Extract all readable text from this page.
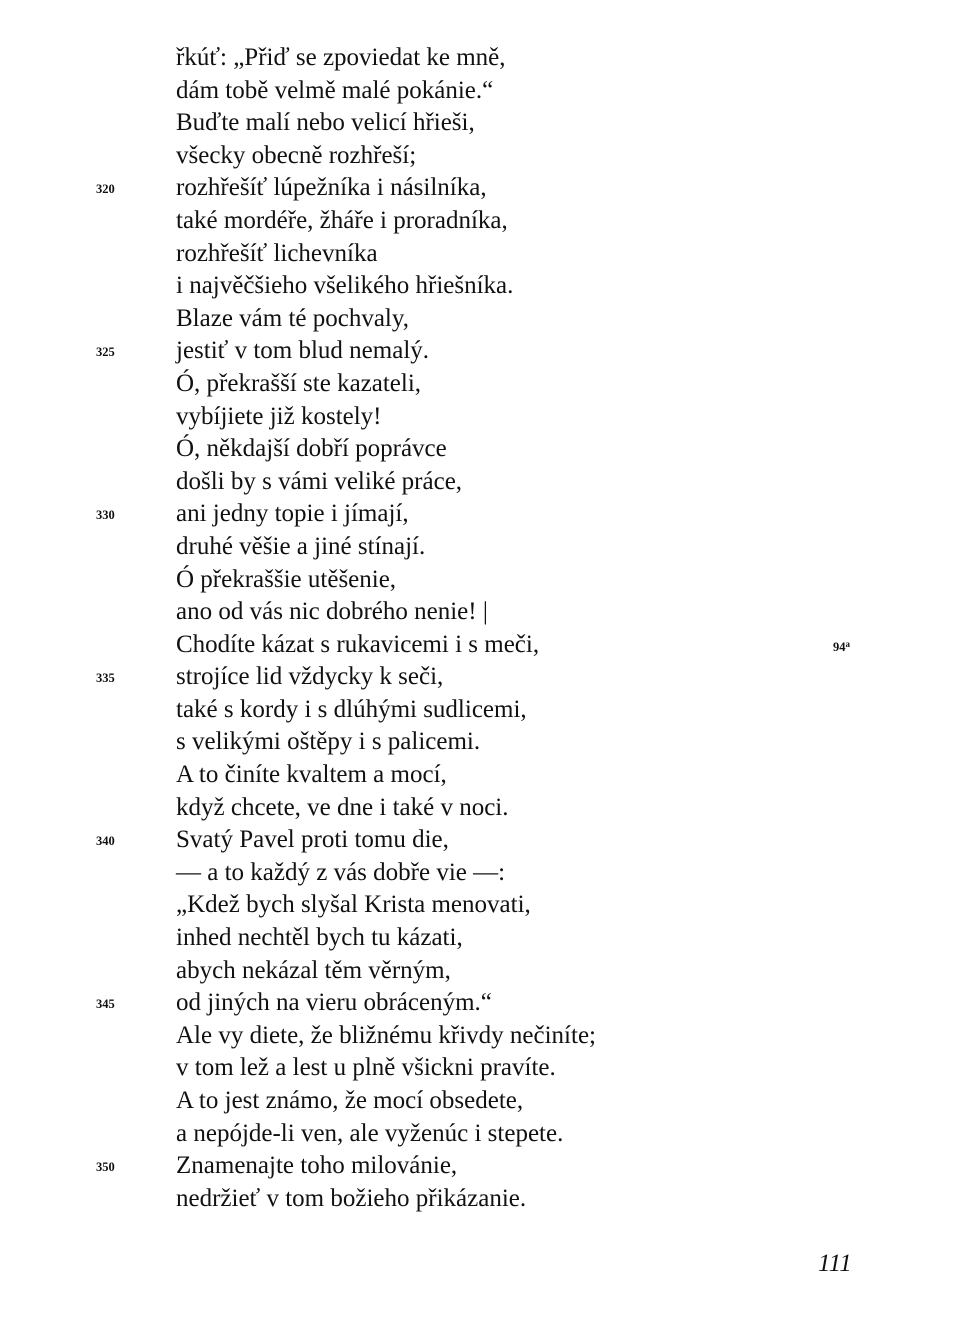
řkúť: „Přiď se zpoviedat ke mně,
dám tobě velmě malé pokánie.“
Buďte malí nebo velicí hřieši,
všecky obecně rozhřeší;
320 rozhřešíť lúpežníka i násilníka,
také mordéře, žháře i proradníka,
rozhřešíť lichevníka
i najvěčšieho všelikého hřiešníka.
Blaze vám té pochvaly,
325 jestiť v tom blud nemalý.
Ó, překrašší ste kazateli,
vybíjiete již kostely!
Ó, někdajší dobří poprávce
došli by s vámi veliké práce,
330 ani jedny topie i jímají,
druhé věšie a jiné stínají.
Ó překraššie utěšenie,
ano od vás nic dobrého nenie! |
Chodíte kázat s rukavicemi i s meči,	94$^a$
335 strojíce lid vždycky k seči,
také s kordy i s dlúhými sudlicemi,
s velikými oštěpy i s palicemi.
A to činíte kvaltem a mocí,
když chcete, ve dne i také v noci.
340 Svatý Pavel proti tomu die,
— a to každý z vás dobře vie —:
„Kdež bych slyšal Krista menovati,
inhed nechtěl bych tu kázati,
abych nekázal těm věrným,
345 od jiných na vieru obráceným.“
Ale vy diete, že bližnému křivdy nečiníte;
v tom lež a lest u plně všickni pravíte.
A to jest známo, že mocí obsedete,
a nepójde-li ven, ale vyženúc i stepete.
350 Znamenajte toho milovánie,
nedržieť v tom božieho přikázanie.
111
